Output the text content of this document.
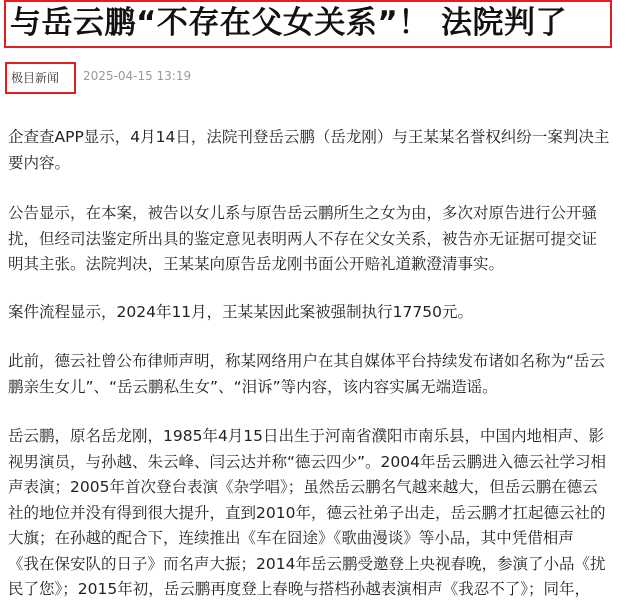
与岳云鹏“不存在父女关系”！ 法院判了
极目新闻 2025-04-15 13:19

企查查APP显示，4月14日，法院刊登岳云鹏（岳龙刚）与王某某名誉权纠纷一案判决主
要内容。

公告显示，在本案，被告以女儿系与原告岳云鹏所生之女为由，多次对原告进行公开骚
扰，但经司法鉴定所出具的鉴定意见表明两人不存在父女关系，被告亦无证据可提交证
明其主张。法院判决，王某某向原告岳龙刚书面公开赔礼道歉澄清事实。

案件流程显示，2024年11月，王某某因此案被强制执行17750元。

此前，德云社曾公布律师声明，称某网络用户在其自媒体平台持续发布诸如名称为“岳云
鹏亲生女儿”、“岳云鹏私生女”、“泪诉”等内容，该内容实属无端造谣。

岳云鹏，原名岳龙刚，1985年4月15日出生于河南省濮阳市南乐县，中国内地相声、影
视男演员，与孙越、朱云峰、闫云达并称“德云四少”。2004年岳云鹏进入德云社学习相
声表演；2005年首次登台表演《杂学唱》；虽然岳云鹏名气越来越大，但岳云鹏在德云
社的地位并没有得到很大提升，直到2010年，德云社弟子出走，岳云鹏才扛起德云社的
大旗；在孙越的配合下，连续推出《车在囧途》《歌曲漫谈》等小品，其中凭借相声
《我在保安队的日子》而名声大振；2014年岳云鹏受邀登上央视春晚，参演了小品《扰
民了您》；2015年初，岳云鹏再度登上春晚与搭档孙越表演相声《我忍不了》；同年，
